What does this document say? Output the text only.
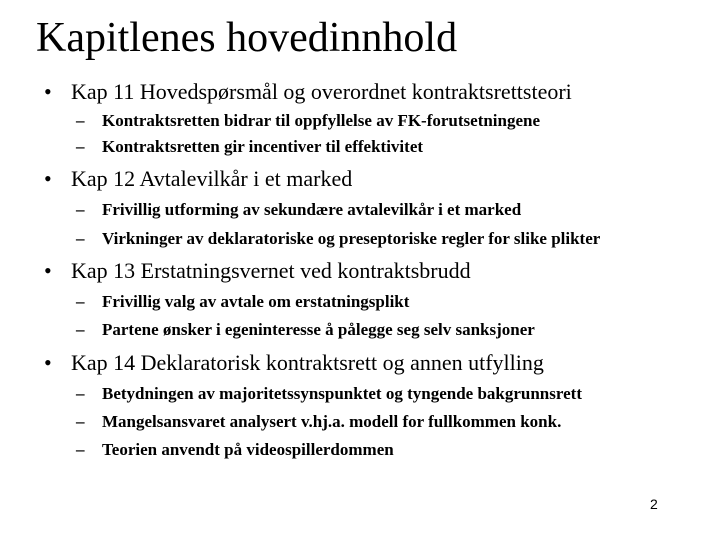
Kapitlenes hovedinnhold
• Kap 11 Hovedspørsmål og overordnet kontraktsrettsteori
– Kontraktsretten bidrar til oppfyllelse av FK-forutsetningene
– Kontraktsretten gir incentiver til effektivitet
• Kap 12 Avtalevilkår i et marked
– Frivillig utforming av sekundære avtalevilkår i et marked
– Virkninger av deklaratoriske og preseptoriske regler for slike plikter
• Kap 13 Erstatningsvernet ved kontraktsbrudd
– Frivillig valg av avtale om erstatningsplikt
– Partene ønsker i egeninteresse å pålegge seg selv sanksjoner
• Kap 14 Deklaratorisk kontraktsrett og annen utfylling
– Betydningen av majoritetssynspunktet og tyngende bakgrunnsrett
– Mangelsansvaret analysert v.hj.a. modell for fullkommen konk.
– Teorien anvendt på videospillerdommen
2
